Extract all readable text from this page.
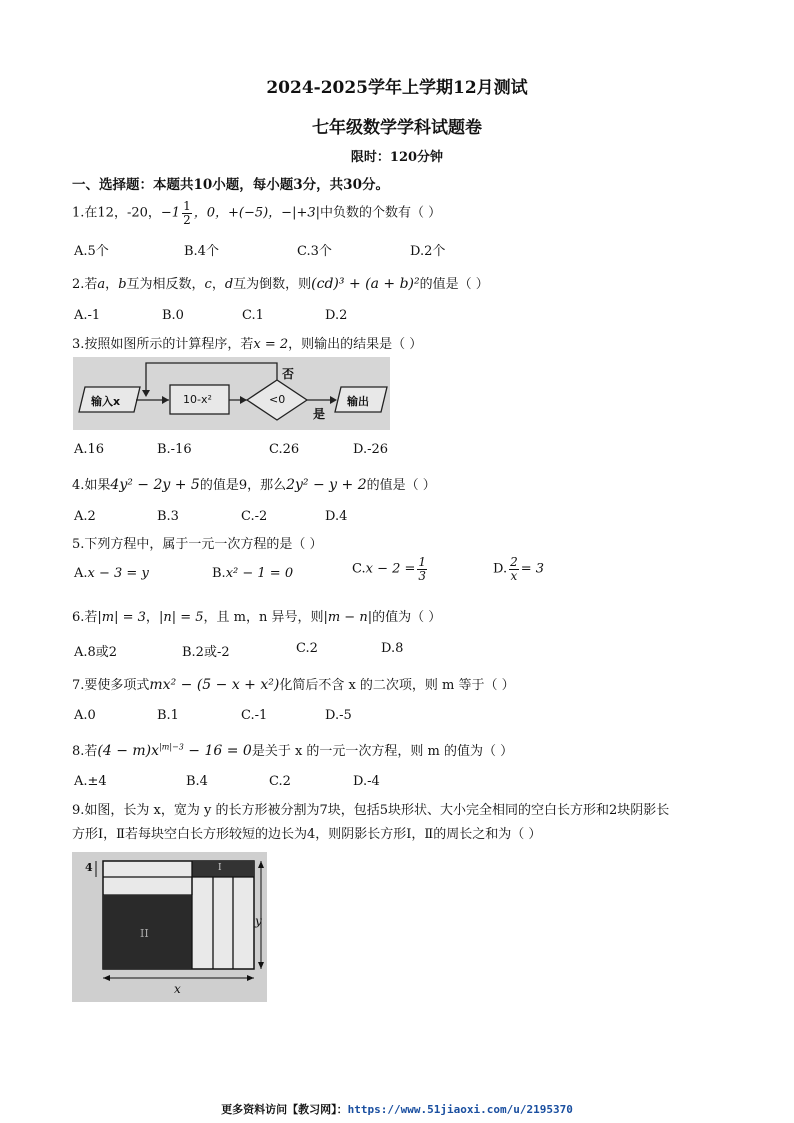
2024-2025学年上学期12月测试
七年级数学学科试题卷
限时：120分钟
一、选择题：本题共10小题，每小题3分，共30分。
1.在12，-20，$-1 \frac{1}{2}$ ，0，+(−5)，−|+3|中负数的个数有（ ）
A.5个	B.4个	C.3个	D.2个
2.若a，b互为相反数，c，d互为倒数，则(cd)³ + (a + b)²的值是（ ）
A.-1	B.0	C.1	D.2
3.按照如图所示的计算程序，若x = 2，则输出的结果是（ ）
输入x	10-x²	<0
否
是
输出
A.16	B.-16	C.26	D.-26
4.如果4y² − 2y + 5的值是9，那么2y² − y + 2的值是（ ）
A.2	B.3	C.-2	D.4
5.下列方程中，属于一元一次方程的是（ ）
A.x − 3 = y	B.x² − 1 = 0	$C.x - 2 = \frac{1}{3}$	D. $\frac{2}{x} = 3$
6.若|m| = 3，|n| = 5，且 m，n 异号，则|m − n|的值为（ ）
A.8或2	B.2或-2	C.2	D.8
7.要使多项式mx² − (5 − x + x²)化简后不含 x 的二次项，则 m 等于（ ）
A.0	B.1	C.-1	D.-5
8.若$(4 - m)x^{|m|-3} - 16 = 0$是关于 x 的一元一次方程，则 m 的值为（ ）
A.±4	B.4	C.2	D.-4
9.如图，长为 x，宽为 y 的长方形被分割为7块，包括5块形状、大小完全相同的空白长方形和2块阴影长
方形Ⅰ，Ⅱ若每块空白长方形较短的边长为4，则阴影长方形Ⅰ，Ⅱ的周长之和为（ ）
4
x
y
I
II
更多资料访问【教习网】：https://www.51jiaoxi.com/u/2195370
